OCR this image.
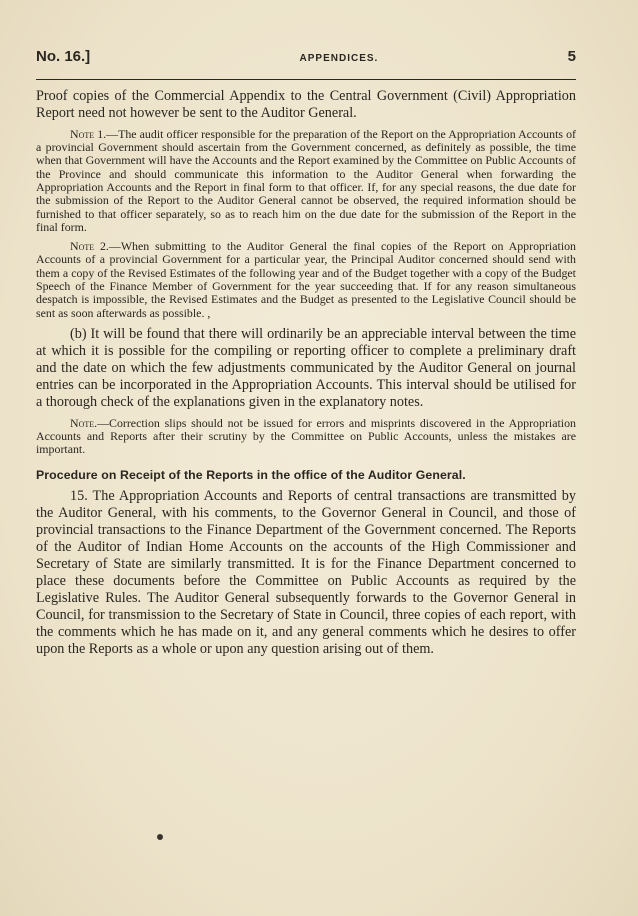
No. 16.]	APPENDICES.	5

Proof copies of the Commercial Appendix to the Central Government (Civil) Appropriation Report need not however be sent to the Auditor General.

Note 1.—The audit officer responsible for the preparation of the Report on the Appropriation Accounts of a provincial Government should ascertain from the Government concerned, as definitely as possible, the time when that Government will have the Accounts and the Report examined by the Committee on Public Accounts of the Province and should communicate this information to the Auditor General when forwarding the Appropriation Accounts and the Report in final form to that officer. If, for any special reasons, the due date for the submission of the Report to the Auditor General cannot be observed, the required information should be furnished to that officer separately, so as to reach him on the due date for the submission of the Report in the final form.

Note 2.—When submitting to the Auditor General the final copies of the Report on Appropriation Accounts of a provincial Government for a particular year, the Principal Auditor concerned should send with them a copy of the Revised Estimates of the following year and of the Budget together with a copy of the Budget Speech of the Finance Member of Government for the year succeeding that. If for any reason simultaneous despatch is impossible, the Revised Estimates and the Budget as presented to the Legislative Council should be sent as soon afterwards as possible. ,

(b) It will be found that there will ordinarily be an appreciable interval between the time at which it is possible for the compiling or reporting officer to complete a preliminary draft and the date on which the few adjustments communicated by the Auditor General on journal entries can be incorporated in the Appropriation Accounts. This interval should be utilised for a thorough check of the explanations given in the explanatory notes.

Note.—Correction slips should not be issued for errors and misprints discovered in the Appropriation Accounts and Reports after their scrutiny by the Committee on Public Accounts, unless the mistakes are important.

Procedure on Receipt of the Reports in the office of the Auditor General.

15. The Appropriation Accounts and Reports of central transactions are transmitted by the Auditor General, with his comments, to the Governor General in Council, and those of provincial transactions to the Finance Department of the Government concerned. The Reports of the Auditor of Indian Home Accounts on the accounts of the High Commissioner and Secretary of State are similarly transmitted. It is for the Finance Department concerned to place these documents before the Committee on Public Accounts as required by the Legislative Rules. The Auditor General subsequently forwards to the Governor General in Council, for transmission to the Secretary of State in Council, three copies of each report, with the comments which he has made on it, and any general comments which he desires to offer upon the Reports as a whole or upon any question arising out of them.
